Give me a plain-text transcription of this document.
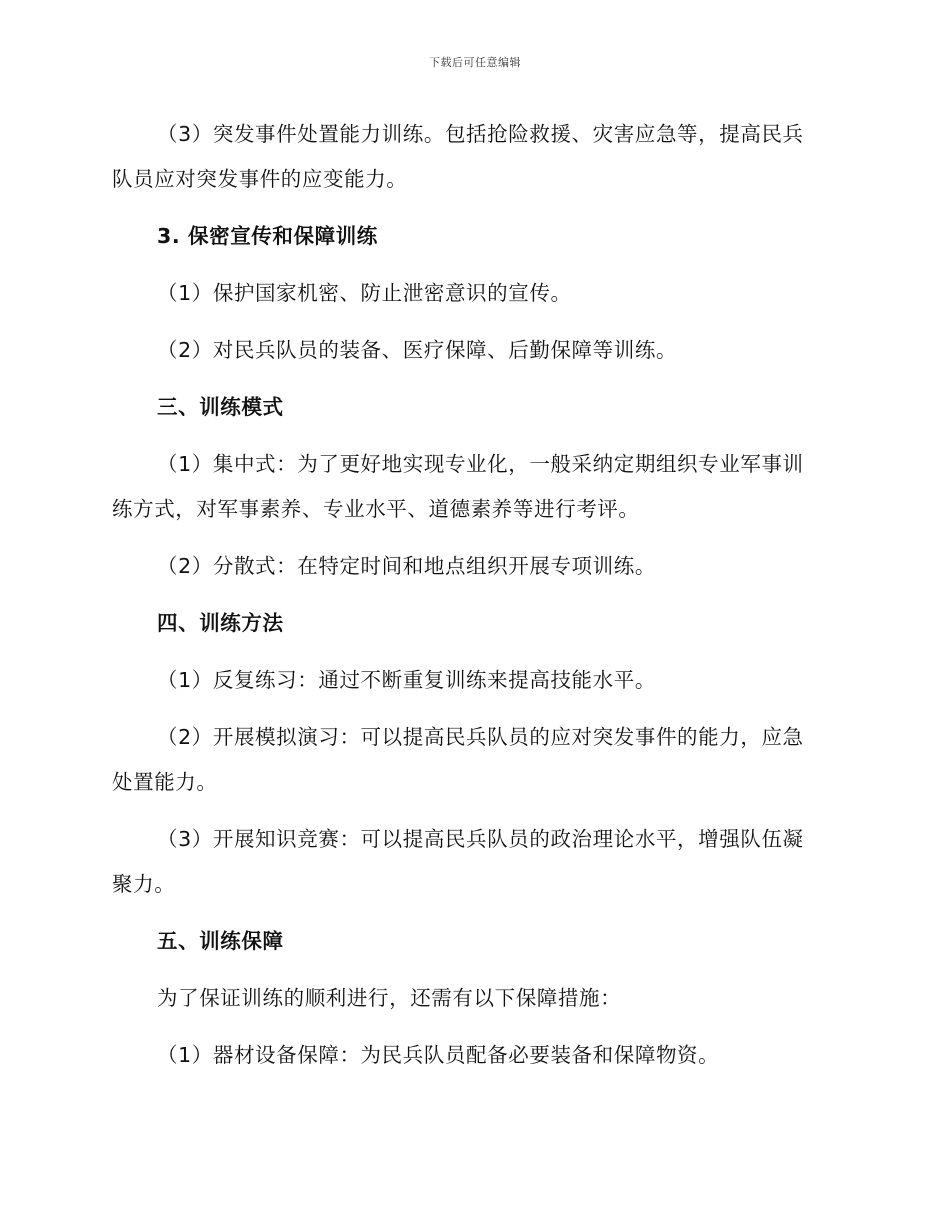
下载后可任意编辑

（3）突发事件处置能力训练。包括抢险救援、灾害应急等，提高民兵队员应对突发事件的应变能力。

3. 保密宣传和保障训练

（1）保护国家机密、防止泄密意识的宣传。

（2）对民兵队员的装备、医疗保障、后勤保障等训练。

三、训练模式

（1）集中式：为了更好地实现专业化，一般采纳定期组织专业军事训练方式，对军事素养、专业水平、道德素养等进行考评。

（2）分散式：在特定时间和地点组织开展专项训练。

四、训练方法

（1）反复练习：通过不断重复训练来提高技能水平。

（2）开展模拟演习：可以提高民兵队员的应对突发事件的能力，应急处置能力。

（3）开展知识竞赛：可以提高民兵队员的政治理论水平，增强队伍凝聚力。

五、训练保障

为了保证训练的顺利进行，还需有以下保障措施：

（1）器材设备保障：为民兵队员配备必要装备和保障物资。
